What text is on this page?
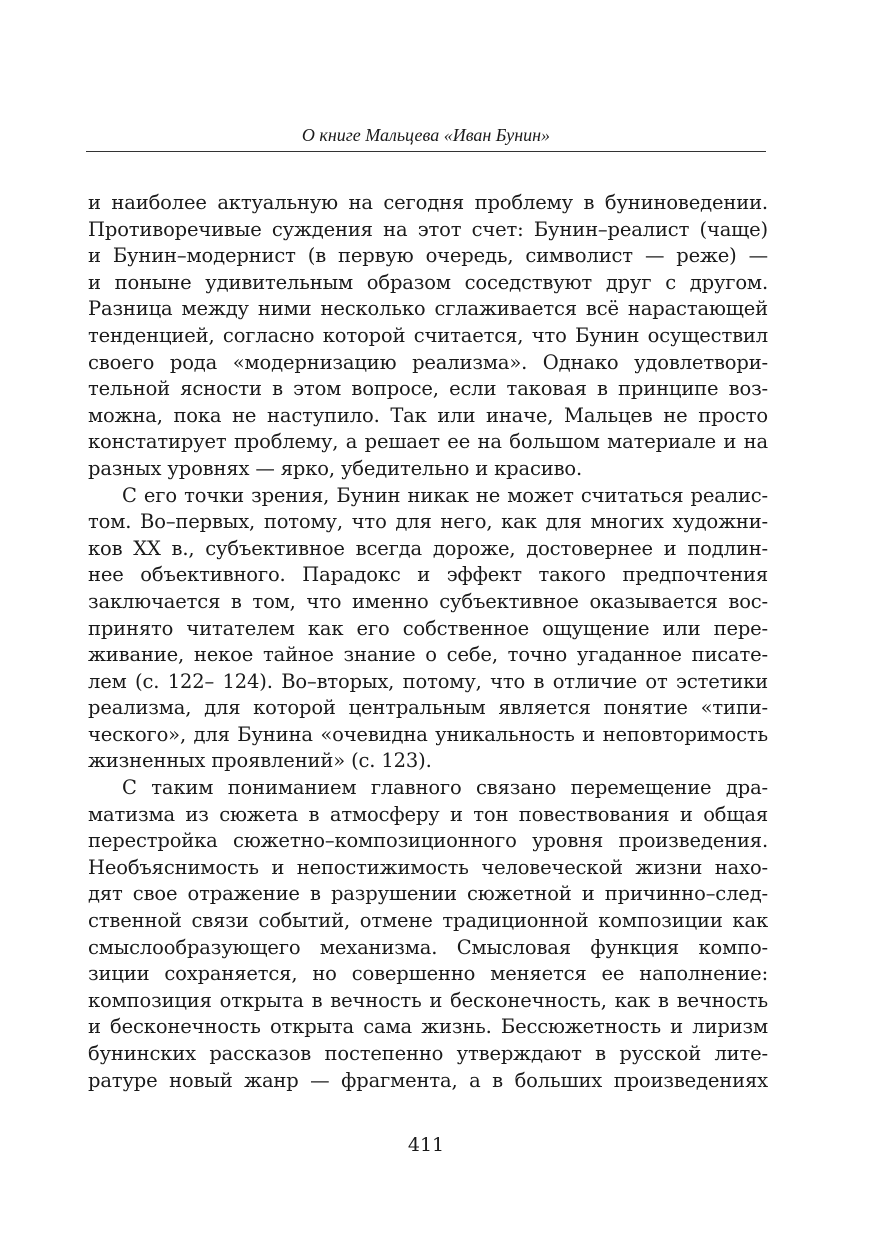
О книге Мальцева «Иван Бунин»
и наиболее актуальную на сегодня проблему в буниноведении.
Противоречивые суждения на этот счет: Бунин–реалист (чаще)
и Бунин–модернист (в первую очередь, символист — реже) —
и поныне удивительным образом соседствуют друг с другом.
Разница между ними несколько сглаживается всё нарастающей
тенденцией, согласно которой считается, что Бунин осуществил
своего рода «модернизацию реализма». Однако удовлетвори-
тельной ясности в этом вопросе, если таковая в принципе воз-
можна, пока не наступило. Так или иначе, Мальцев не просто
констатирует проблему, а решает ее на большом материале и на
разных уровнях — ярко, убедительно и красиво.
С его точки зрения, Бунин никак не может считаться реалис-
том. Во–первых, потому, что для него, как для многих художни-
ков XX в., субъективное всегда дороже, достовернее и подлин-
нее объективного. Парадокс и эффект такого предпочтения
заключается в том, что именно субъективное оказывается вос-
принято читателем как его собственное ощущение или пере-
живание, некое тайное знание о себе, точно угаданное писате-
лем (с. 122– 124). Во–вторых, потому, что в отличие от эстетики
реализма, для которой центральным является понятие «типи-
ческого», для Бунина «очевидна уникальность и неповторимость
жизненных проявлений» (с. 123).
С таким пониманием главного связано перемещение дра-
матизма из сюжета в атмосферу и тон повествования и общая
перестройка сюжетно–композиционного уровня произведения.
Необъяснимость и непостижимость человеческой жизни нахо-
дят свое отражение в разрушении сюжетной и причинно–след-
ственной связи событий, отмене традиционной композиции как
смыслообразующего механизма. Смысловая функция компо-
зиции сохраняется, но совершенно меняется ее наполнение:
композиция открыта в вечность и бесконечность, как в вечность
и бесконечность открыта сама жизнь. Бессюжетность и лиризм
бунинских рассказов постепенно утверждают в русской лите-
ратуре новый жанр — фрагмента, а в больших произведениях
411
